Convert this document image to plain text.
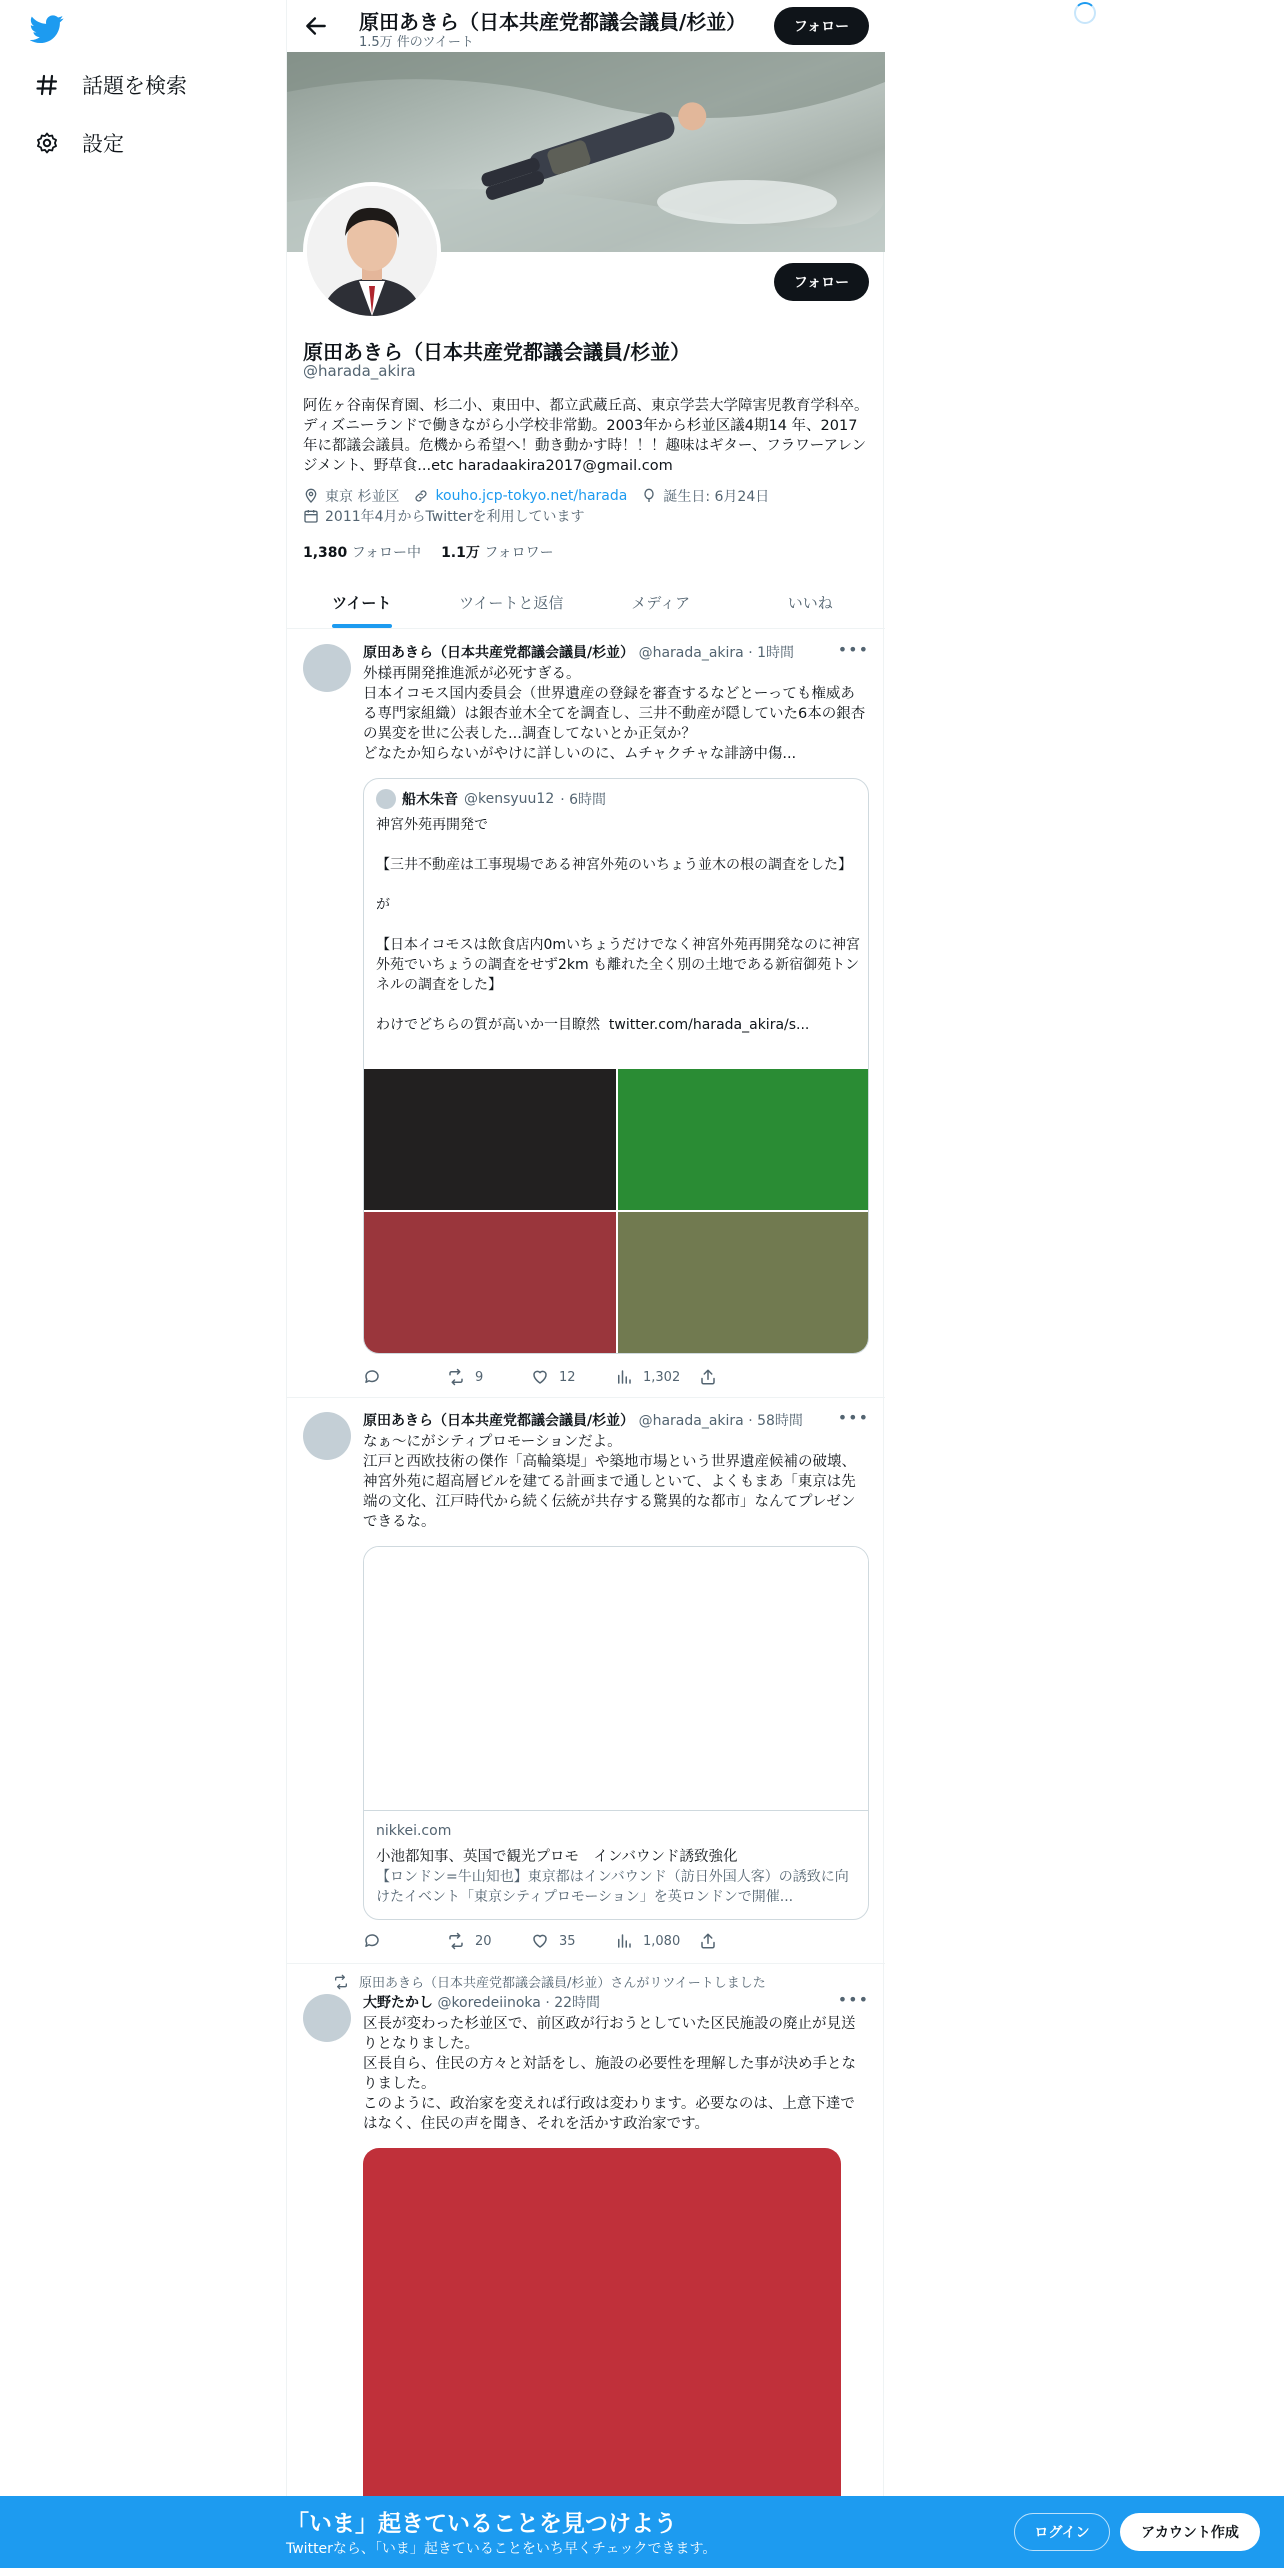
話題を検索
設定
原田あきら（日本共産党都議会議員/杉並）
1.5万 件のツイート
フォロー
フォロー
原田あきら（日本共産党都議会議員/杉並）
@harada_akira
阿佐ヶ谷南保育園、杉二小、東田中、都立武蔵丘高、東京学芸大学障害児教育学科卒。ディズニーランドで働きながら小学校非常勤。2003年から杉並区議4期14 年、2017年に都議会議員。危機から希望へ！動き動かす時！！！趣味はギター、フラワーアレンジメント、野草食...etc haradaakira2017@gmail.com
東京 杉並区	kouho.jcp-tokyo.net/harada	誕生日: 6月24日
2011年4月からTwitterを利用しています
1,380 フォロー中 1.1万 フォロワー
ツイート	ツイートと返信	メディア	いいね
原田あきら（日本共産党都議会議員/杉並） @harada_akira · 1時間	•••
外様再開発推進派が必死すぎる。
日本イコモス国内委員会（世界遺産の登録を審査するなどとーっても権威ある専門家組織）は銀杏並木全てを調査し、三井不動産が隠していた6本の銀杏の異変を世に公表した...調査してないとか正気か？
どなたか知らないがやけに詳しいのに、ムチャクチャな誹謗中傷...
船木朱音 @kensyuu12 · 6時間
神宮外苑再開発で

【三井不動産は工事現場である神宮外苑のいちょう並木の根の調査をした】

が

【日本イコモスは飲食店内0mいちょうだけでなく神宮外苑再開発なのに神宮外苑でいちょうの調査をせず2km も離れた全く別の土地である新宿御苑トンネルの調査をした】

わけでどちらの質が高いか一目瞭然  twitter.com/harada_akira/s...
9	12	1,302
原田あきら（日本共産党都議会議員/杉並） @harada_akira · 58時間 •••
なぁ〜にがシティプロモーションだよ。
江戸と西欧技術の傑作「高輪築堤」や築地市場という世界遺産候補の破壊、神宮外苑に超高層ビルを建てる計画まで通しといて、よくもまあ「東京は先端の文化、江戸時代から続く伝統が共存する驚異的な都市」なんてプレゼンできるな。
nikkei.com
小池都知事、英国で観光プロモ　インバウンド誘致強化
【ロンドン=牛山知也】東京都はインバウンド（訪日外国人客）の誘致に向けたイベント「東京シティプロモーション」を英ロンドンで開催...
20	35	1,080
原田あきら（日本共産党都議会議員/杉並）さんがリツイートしました
大野たかし @koredeiinoka · 22時間	•••
区長が変わった杉並区で、前区政が行おうとしていた区民施設の廃止が見送りとなりました。
区長自ら、住民の方々と対話をし、施設の必要性を理解した事が決め手となりました。
このように、政治家を変えれば行政は変わります。必要なのは、上意下達ではなく、住民の声を聞き、それを活かす政治家です。
「いま」起きていることを見つけよう
Twitterなら、「いま」起きていることをいち早くチェックできます。
ログイン	アカウント作成
